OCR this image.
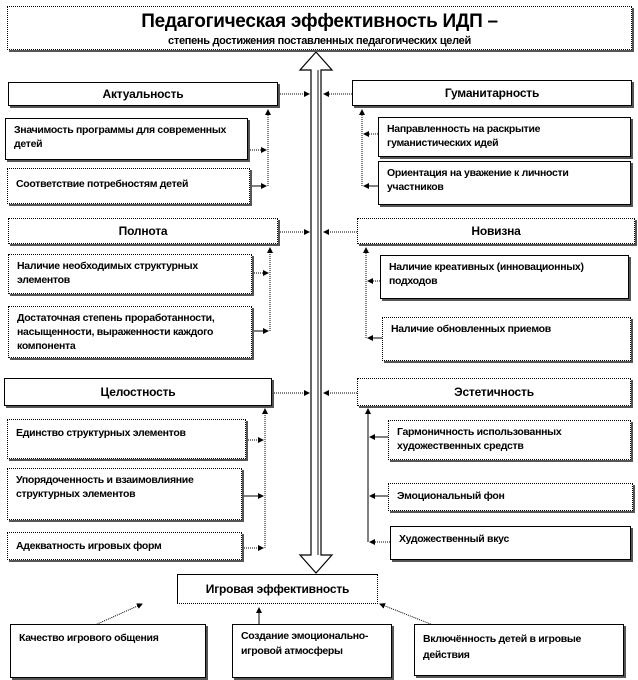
Педагогическая эффективность ИДП –
степень достижения поставленных педагогических целей
Актуальность
Значимость программы для современных детей
Соответствие потребностям детей
Полнота
Наличие необходимых структурных элементов
Достаточная степень проработанности, насыщенности, выраженности каждого компонента
Целостность
Единство структурных элементов
Упорядоченность и взаимовлияние структурных элементов
Адекватность игровых форм
Гуманитарность
Направленность на раскрытие гуманистических идей
Ориентация на уважение к личности участников
Новизна
Наличие креативных (инновационных) подходов
Наличие обновленных приемов
Эстетичность
Гармоничность использованных художественных средств
Эмоциональный фон
Художественный вкус
Игровая эффективность
Качество игрового общения	Создание эмоционально-игровой атмосферы
Включённость детей в игровые действия
